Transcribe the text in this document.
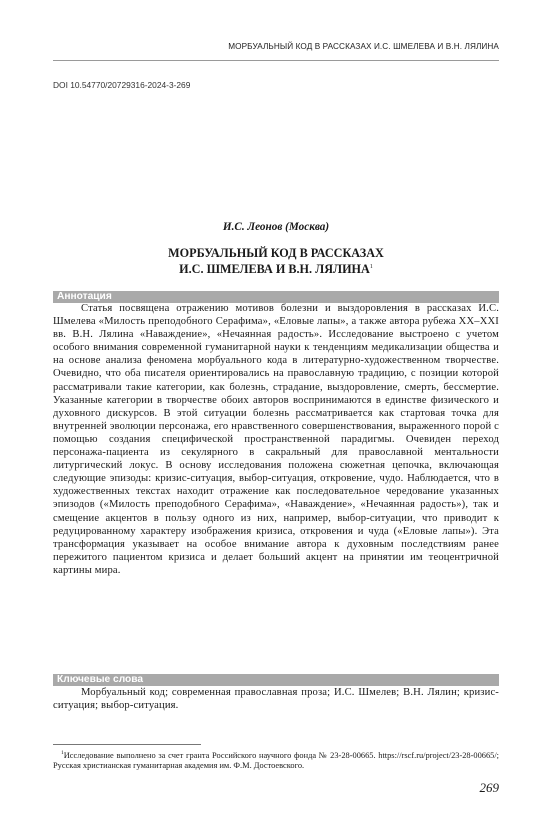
МОРБУАЛЬНЫЙ КОД В РАССКАЗАХ И.С. ШМЕЛЕВА И В.Н. ЛЯЛИНА
DOI 10.54770/20729316-2024-3-269
И.С. Леонов (Москва)
МОРБУАЛЬНЫЙ КОД В РАССКАЗАХ
И.С. ШМЕЛЕВА И В.Н. ЛЯЛИНА$^1$
Аннотация

Статья посвящена отражению мотивов болезни и выздоровления в рассказах И.С. Шмелева «Милость преподобного Серафима», «Еловые лапы», а также автора рубежа XX–XXI вв. В.Н. Лялина «Наваждение», «Нечаянная радость». Исследование выстроено с учетом особого внимания современной гуманитарной науки к тенденциям медикализации общества и на основе анализа феномена морбуального кода в литературно-художественном творчестве. Очевидно, что оба писателя ориентировались на православную традицию, с позиции которой рассматривали такие категории, как болезнь, страдание, выздоровление, смерть, бессмертие. Указанные категории в творчестве обоих авторов воспринимаются в единстве физического и духовного дискурсов. В этой ситуации болезнь рассматривается как стартовая точка для внутренней эволюции персонажа, его нравственного совершенствования, выраженного порой с помощью создания специфической пространственной парадигмы. Очевиден переход персонажа-пациента из секулярного в сакральный для православной ментальности литургический локус. В основу исследования положена сюжетная цепочка, включающая следующие эпизоды: кризис-ситуация, выбор-ситуация, откровение, чудо. Наблюдается, что в художественных текстах находит отражение как последовательное чередование указанных эпизодов («Милость преподобного Серафима», «Наваждение», «Нечаянная радость»), так и смещение акцентов в пользу одного из них, например, выбор-ситуации, что приводит к редуцированному характеру изображения кризиса, откровения и чуда («Еловые лапы»). Эта трансформация указывает на особое внимание автора к духовным последствиям ранее пережитого пациентом кризиса и делает больший акцент на принятии им теоцентричной картины мира.

Ключевые слова

Морбуальный код; современная православная проза; И.С. Шмелев; В.Н. Лялин; кризис-ситуация; выбор-ситуация.

$^1$Исследование выполнено за счет гранта Российского научного фонда № 23-28-00665. https://rscf.ru/project/23-28-00665/; Русская христианская гуманитарная академия им. Ф.М. Достоевского.

269
